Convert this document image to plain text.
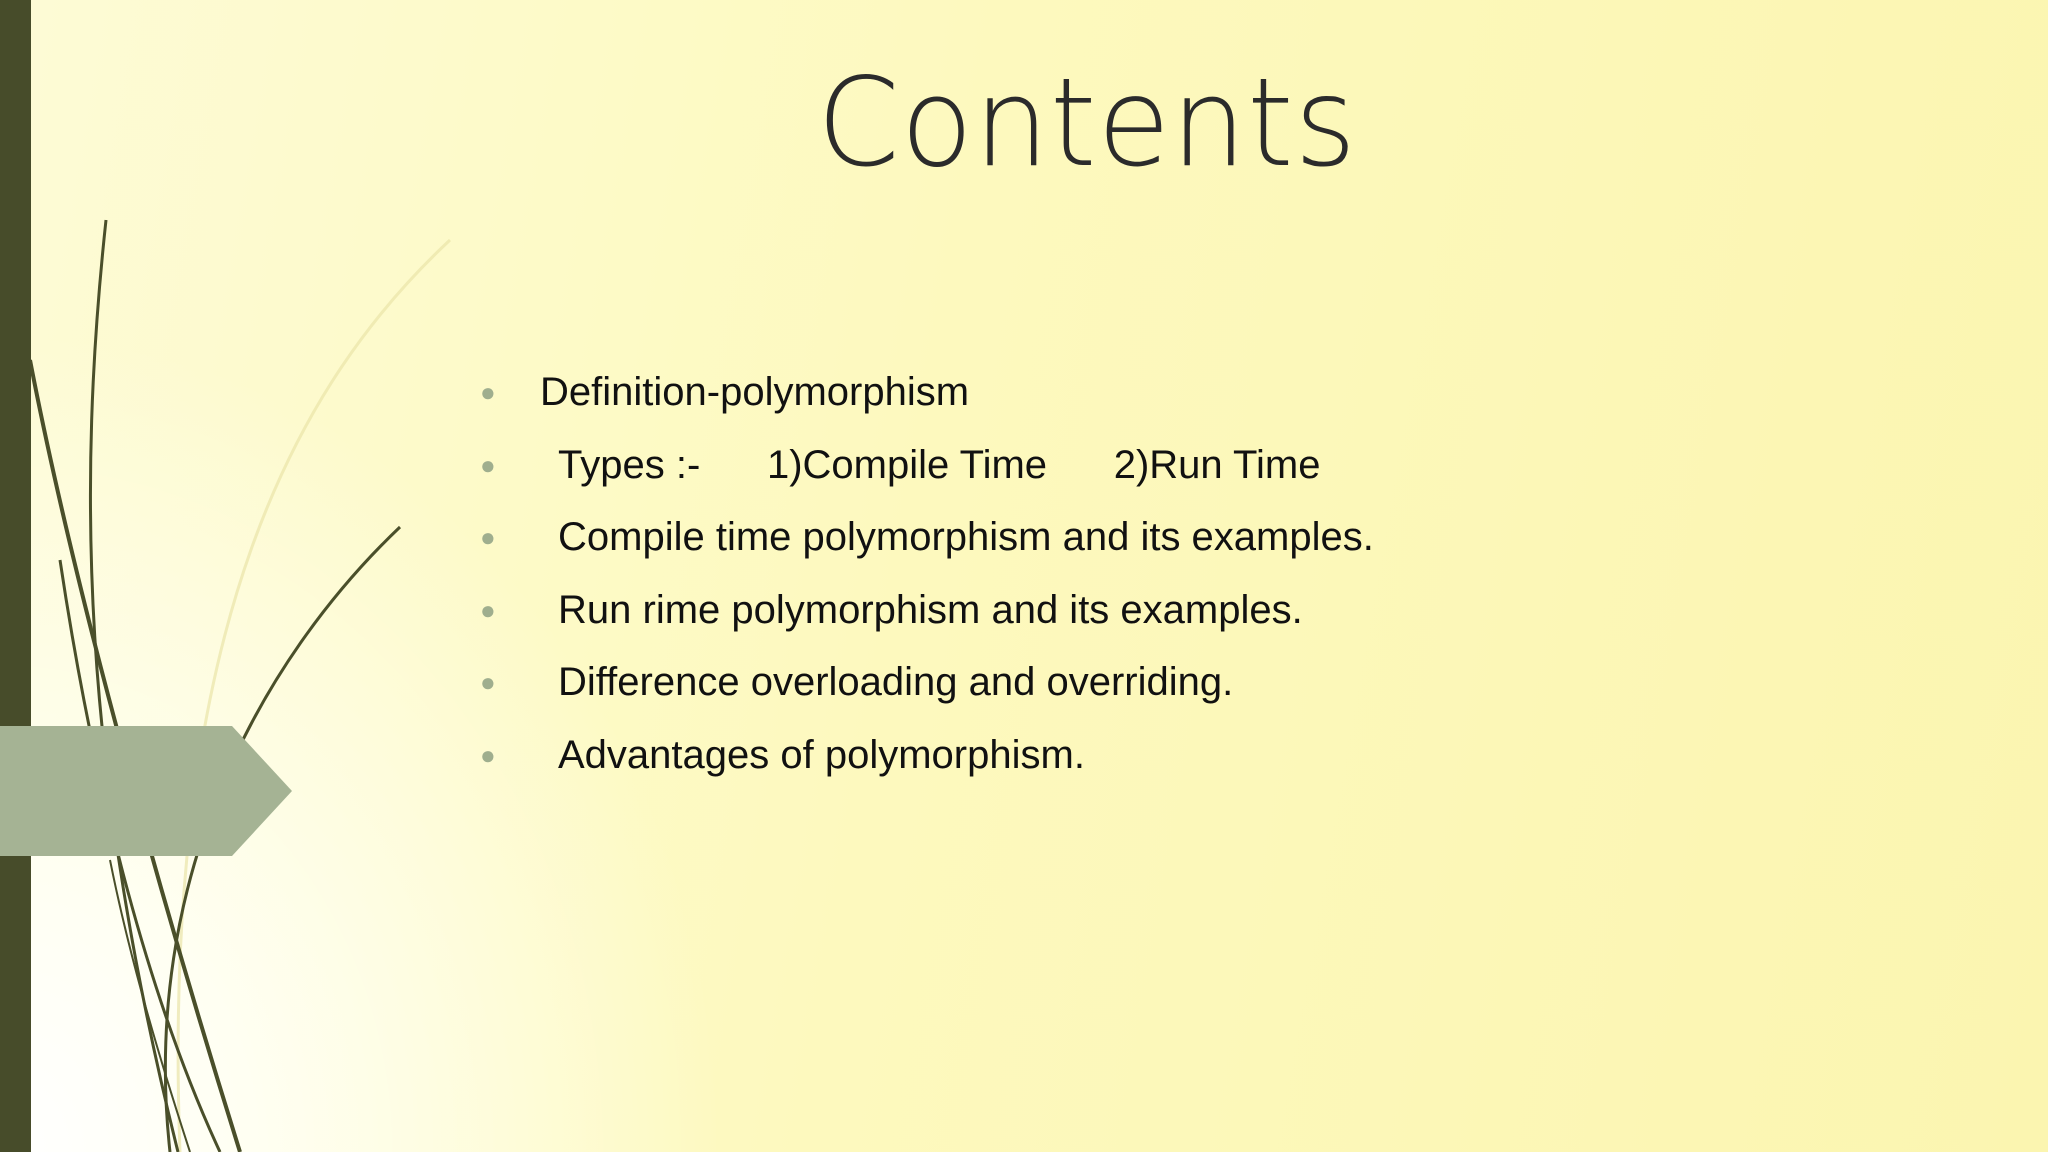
Contents

●

Definition-polymorphism

●

Types :-      1)Compile Time      2)Run Time

●

Compile time polymorphism and its examples.

●

Run rime polymorphism and its examples.

●

Difference overloading and overriding.

●

Advantages of polymorphism.
